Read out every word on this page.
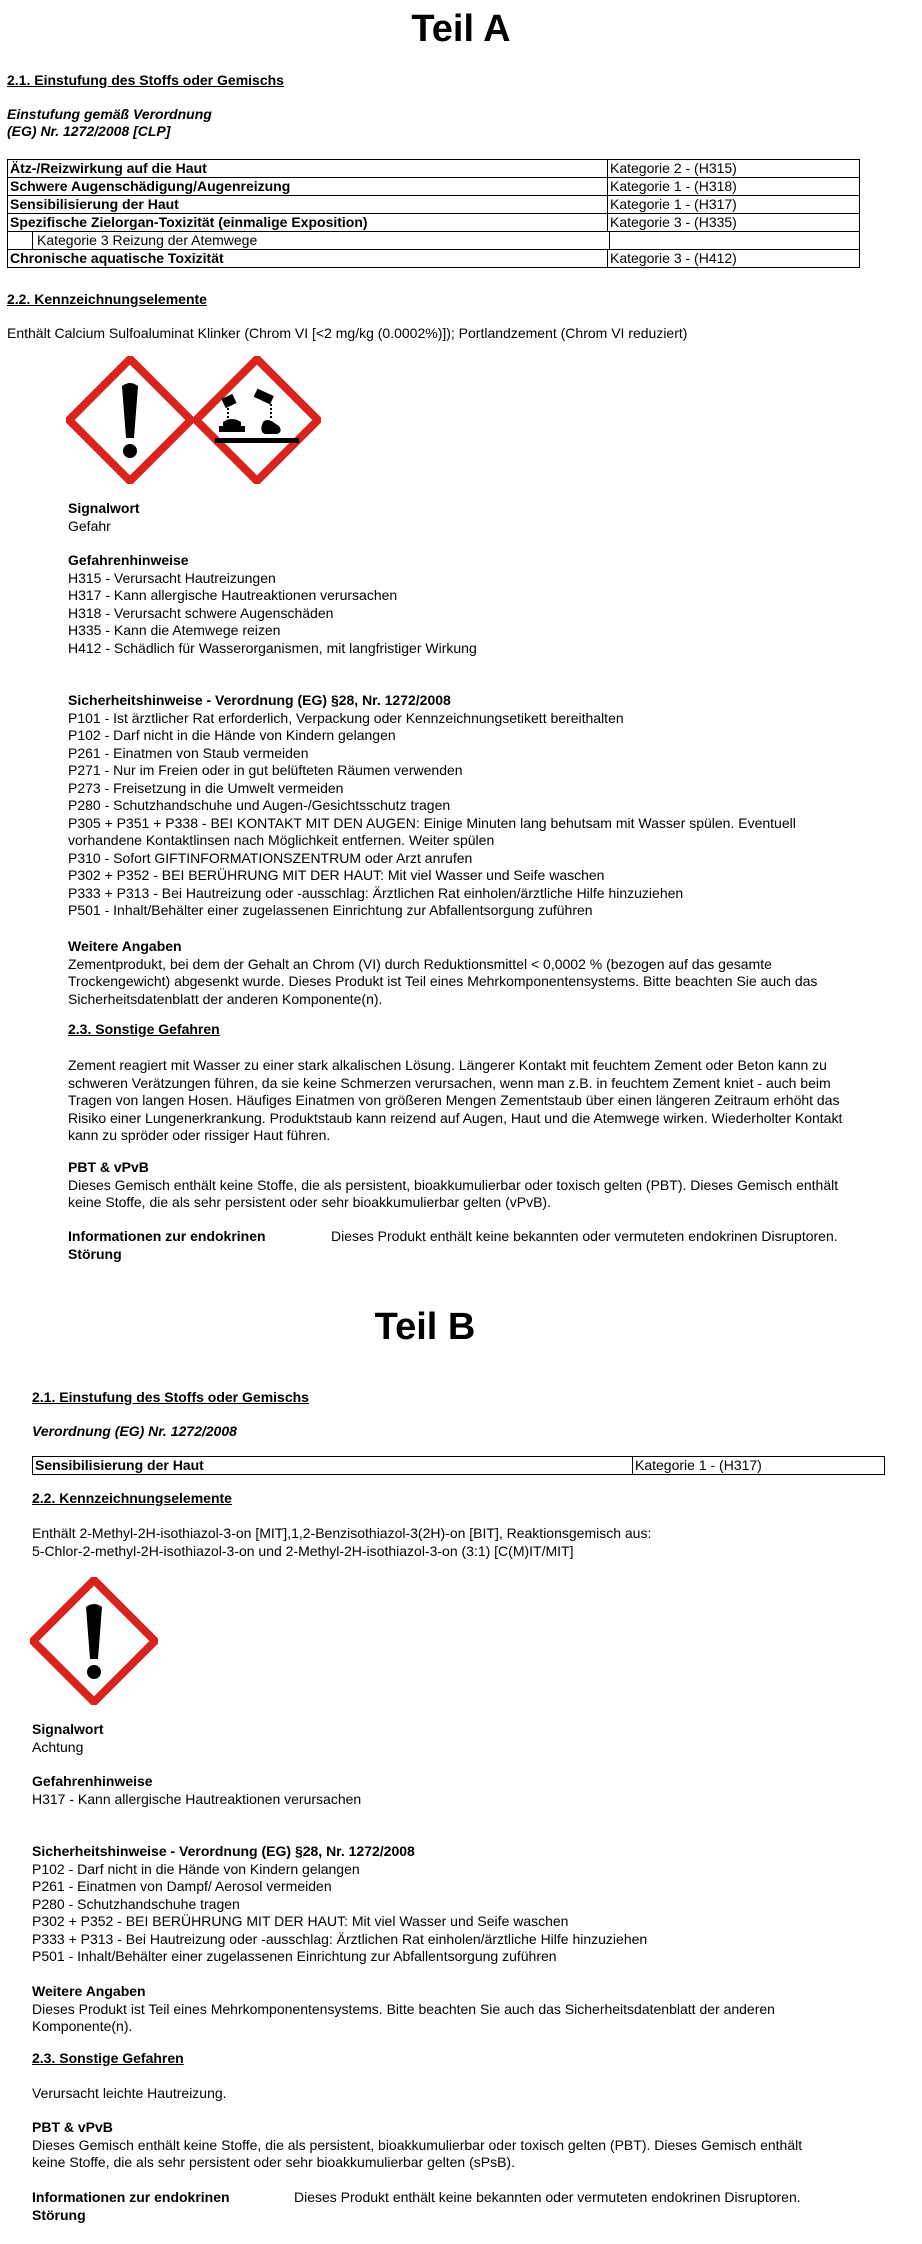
Teil A
2.1. Einstufung des Stoffs oder Gemischs
Einstufung gemäß Verordnung
(EG) Nr. 1272/2008 [CLP]
Ätz-/Reizwirkung auf die Haut	Kategorie 2 - (H315)
Schwere Augenschädigung/Augenreizung	Kategorie 1 - (H318)
Sensibilisierung der Haut	Kategorie 1 - (H317)
Spezifische Zielorgan-Toxizität (einmalige Exposition)	Kategorie 3 - (H335)

Kategorie 3 Reizung der Atemwege	

Chronische aquatische Toxizität	Kategorie 3 - (H412)
2.2. Kennzeichnungselemente
Enthält Calcium Sulfoaluminat Klinker (Chrom VI [<2 mg/kg (0.0002%)]); Portlandzement (Chrom VI reduziert)
Signalwort
Gefahr
Gefahrenhinweise
H315 - Verursacht Hautreizungen
H317 - Kann allergische Hautreaktionen verursachen
H318 - Verursacht schwere Augenschäden
H335 - Kann die Atemwege reizen
H412 - Schädlich für Wasserorganismen, mit langfristiger Wirkung
Sicherheitshinweise - Verordnung (EG) §28, Nr. 1272/2008
P101 - Ist ärztlicher Rat erforderlich, Verpackung oder Kennzeichnungsetikett bereithalten
P102 - Darf nicht in die Hände von Kindern gelangen
P261 - Einatmen von Staub vermeiden
P271 - Nur im Freien oder in gut belüfteten Räumen verwenden
P273 - Freisetzung in die Umwelt vermeiden
P280 - Schutzhandschuhe und Augen-/Gesichtsschutz tragen
P305 + P351 + P338 - BEI KONTAKT MIT DEN AUGEN: Einige Minuten lang behutsam mit Wasser spülen. Eventuell
vorhandene Kontaktlinsen nach Möglichkeit entfernen. Weiter spülen
P310 - Sofort GIFTINFORMATIONSZENTRUM oder Arzt anrufen
P302 + P352 - BEI BERÜHRUNG MIT DER HAUT: Mit viel Wasser und Seife waschen
P333 + P313 - Bei Hautreizung oder -ausschlag: Ärztlichen Rat einholen/ärztliche Hilfe hinzuziehen
P501 - Inhalt/Behälter einer zugelassenen Einrichtung zur Abfallentsorgung zuführen
Weitere Angaben
Zementprodukt, bei dem der Gehalt an Chrom (VI) durch Reduktionsmittel < 0,0002 % (bezogen auf das gesamte
Trockengewicht) abgesenkt wurde. Dieses Produkt ist Teil eines Mehrkomponentensystems. Bitte beachten Sie auch das
Sicherheitsdatenblatt der anderen Komponente(n).
2.3. Sonstige Gefahren
Zement reagiert mit Wasser zu einer stark alkalischen Lösung. Längerer Kontakt mit feuchtem Zement oder Beton kann zu
schweren Verätzungen führen, da sie keine Schmerzen verursachen, wenn man z.B. in feuchtem Zement kniet - auch beim
Tragen von langen Hosen. Häufiges Einatmen von größeren Mengen Zementstaub über einen längeren Zeitraum erhöht das
Risiko einer Lungenerkrankung. Produktstaub kann reizend auf Augen, Haut und die Atemwege wirken. Wiederholter Kontakt
kann zu spröder oder rissiger Haut führen.
PBT & vPvB
Dieses Gemisch enthält keine Stoffe, die als persistent, bioakkumulierbar oder toxisch gelten (PBT). Dieses Gemisch enthält
keine Stoffe, die als sehr persistent oder sehr bioakkumulierbar gelten (vPvB).
Informationen zur endokrinen
Störung
Dieses Produkt enthält keine bekannten oder vermuteten endokrinen Disruptoren.
Teil B
2.1. Einstufung des Stoffs oder Gemischs
Verordnung (EG) Nr. 1272/2008
Sensibilisierung der Haut	Kategorie 1 - (H317)
2.2. Kennzeichnungselemente
Enthält 2-Methyl-2H-isothiazol-3-on [MIT],1,2-Benzisothiazol-3(2H)-on [BIT], Reaktionsgemisch aus:
5-Chlor-2-methyl-2H-isothiazol-3-on und 2-Methyl-2H-isothiazol-3-on (3:1) [C(M)IT/MIT]
Signalwort
Achtung
Gefahrenhinweise
H317 - Kann allergische Hautreaktionen verursachen
Sicherheitshinweise - Verordnung (EG) §28, Nr. 1272/2008
P102 - Darf nicht in die Hände von Kindern gelangen
P261 - Einatmen von Dampf/ Aerosol vermeiden
P280 - Schutzhandschuhe tragen
P302 + P352 - BEI BERÜHRUNG MIT DER HAUT: Mit viel Wasser und Seife waschen
P333 + P313 - Bei Hautreizung oder -ausschlag: Ärztlichen Rat einholen/ärztliche Hilfe hinzuziehen
P501 - Inhalt/Behälter einer zugelassenen Einrichtung zur Abfallentsorgung zuführen
Weitere Angaben
Dieses Produkt ist Teil eines Mehrkomponentensystems. Bitte beachten Sie auch das Sicherheitsdatenblatt der anderen
Komponente(n).
2.3. Sonstige Gefahren
Verursacht leichte Hautreizung.
PBT & vPvB
Dieses Gemisch enthält keine Stoffe, die als persistent, bioakkumulierbar oder toxisch gelten (PBT). Dieses Gemisch enthält
keine Stoffe, die als sehr persistent oder sehr bioakkumulierbar gelten (sPsB).
Informationen zur endokrinen
Störung
Dieses Produkt enthält keine bekannten oder vermuteten endokrinen Disruptoren.
